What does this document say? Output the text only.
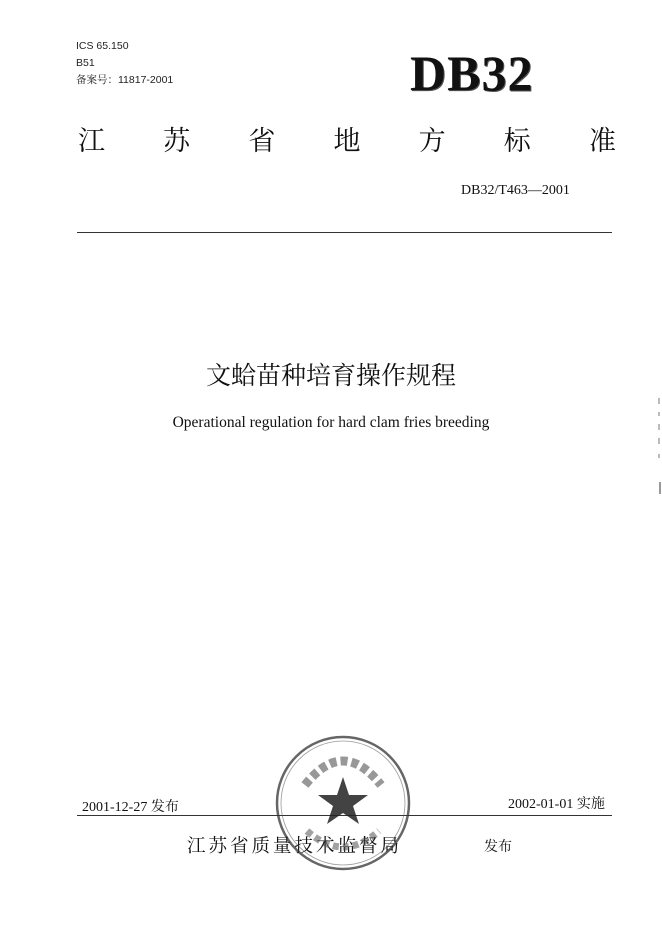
ICS 65.150
B51
备案号：11817-2001	DB32
江 苏 省 地 方 标 准
DB32/T463—2001
文蛤苗种培育操作规程
Operational regulation for hard clam fries breeding
2001-12-27 发布	2002-01-01 实施
江苏省质量技术监督局	发布
